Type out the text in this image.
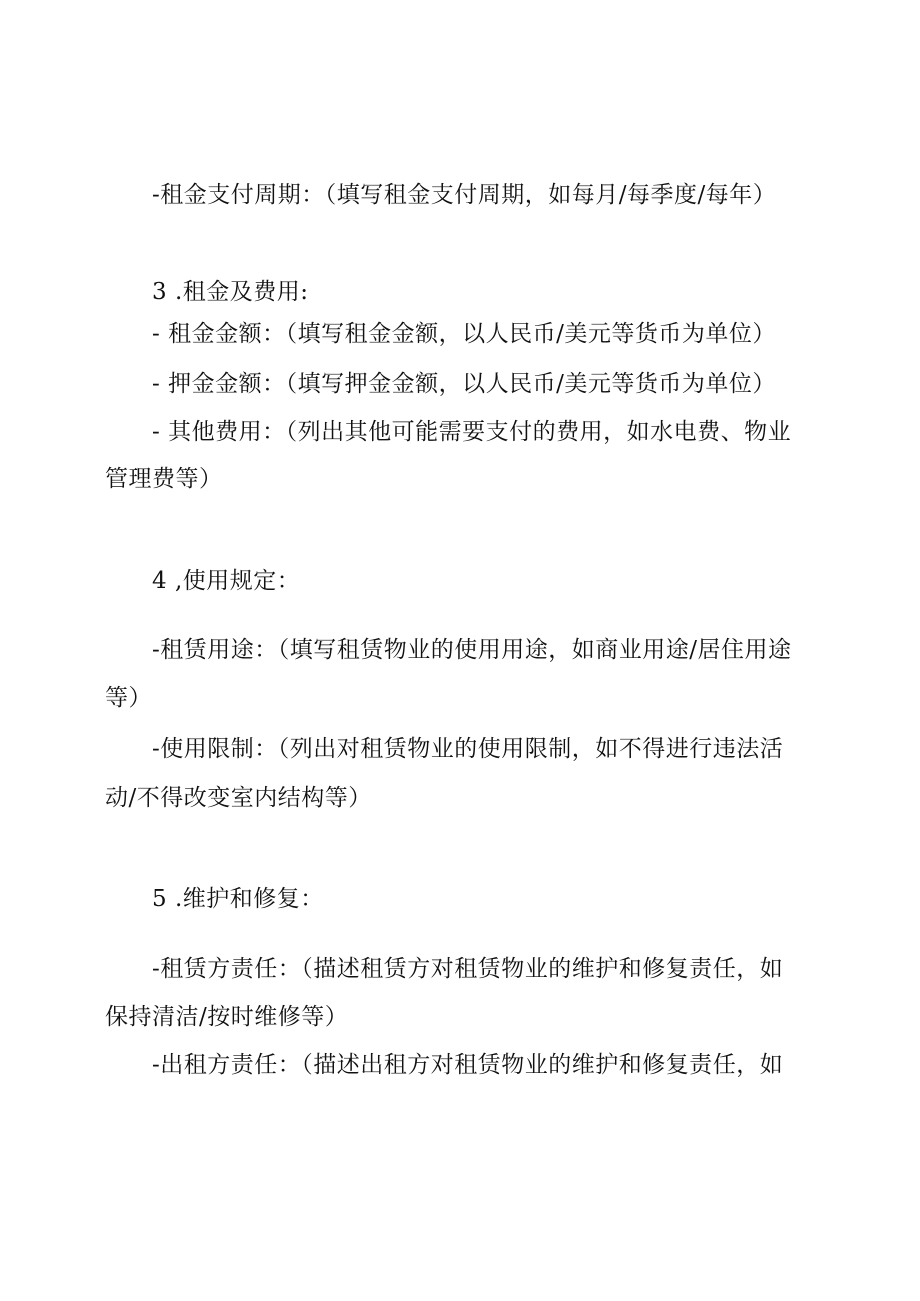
-租金支付周期：（填写租金支付周期，如每月/每季度/每年）
3 .租金及费用:
- 租金金额：（填写租金金额，以人民币/美元等货币为单位）
- 押金金额：（填写押金金额，以人民币/美元等货币为单位）
- 其他费用：（列出其他可能需要支付的费用，如水电费、物业
管理费等）
4 ,使用规定：
-租赁用途：（填写租赁物业的使用用途，如商业用途/居住用途
等）
-使用限制：（列出对租赁物业的使用限制，如不得进行违法活
动/不得改变室内结构等）
5 .维护和修复：
-租赁方责任：（描述租赁方对租赁物业的维护和修复责任，如
保持清洁/按时维修等）
-出租方责任：（描述出租方对租赁物业的维护和修复责任，如
